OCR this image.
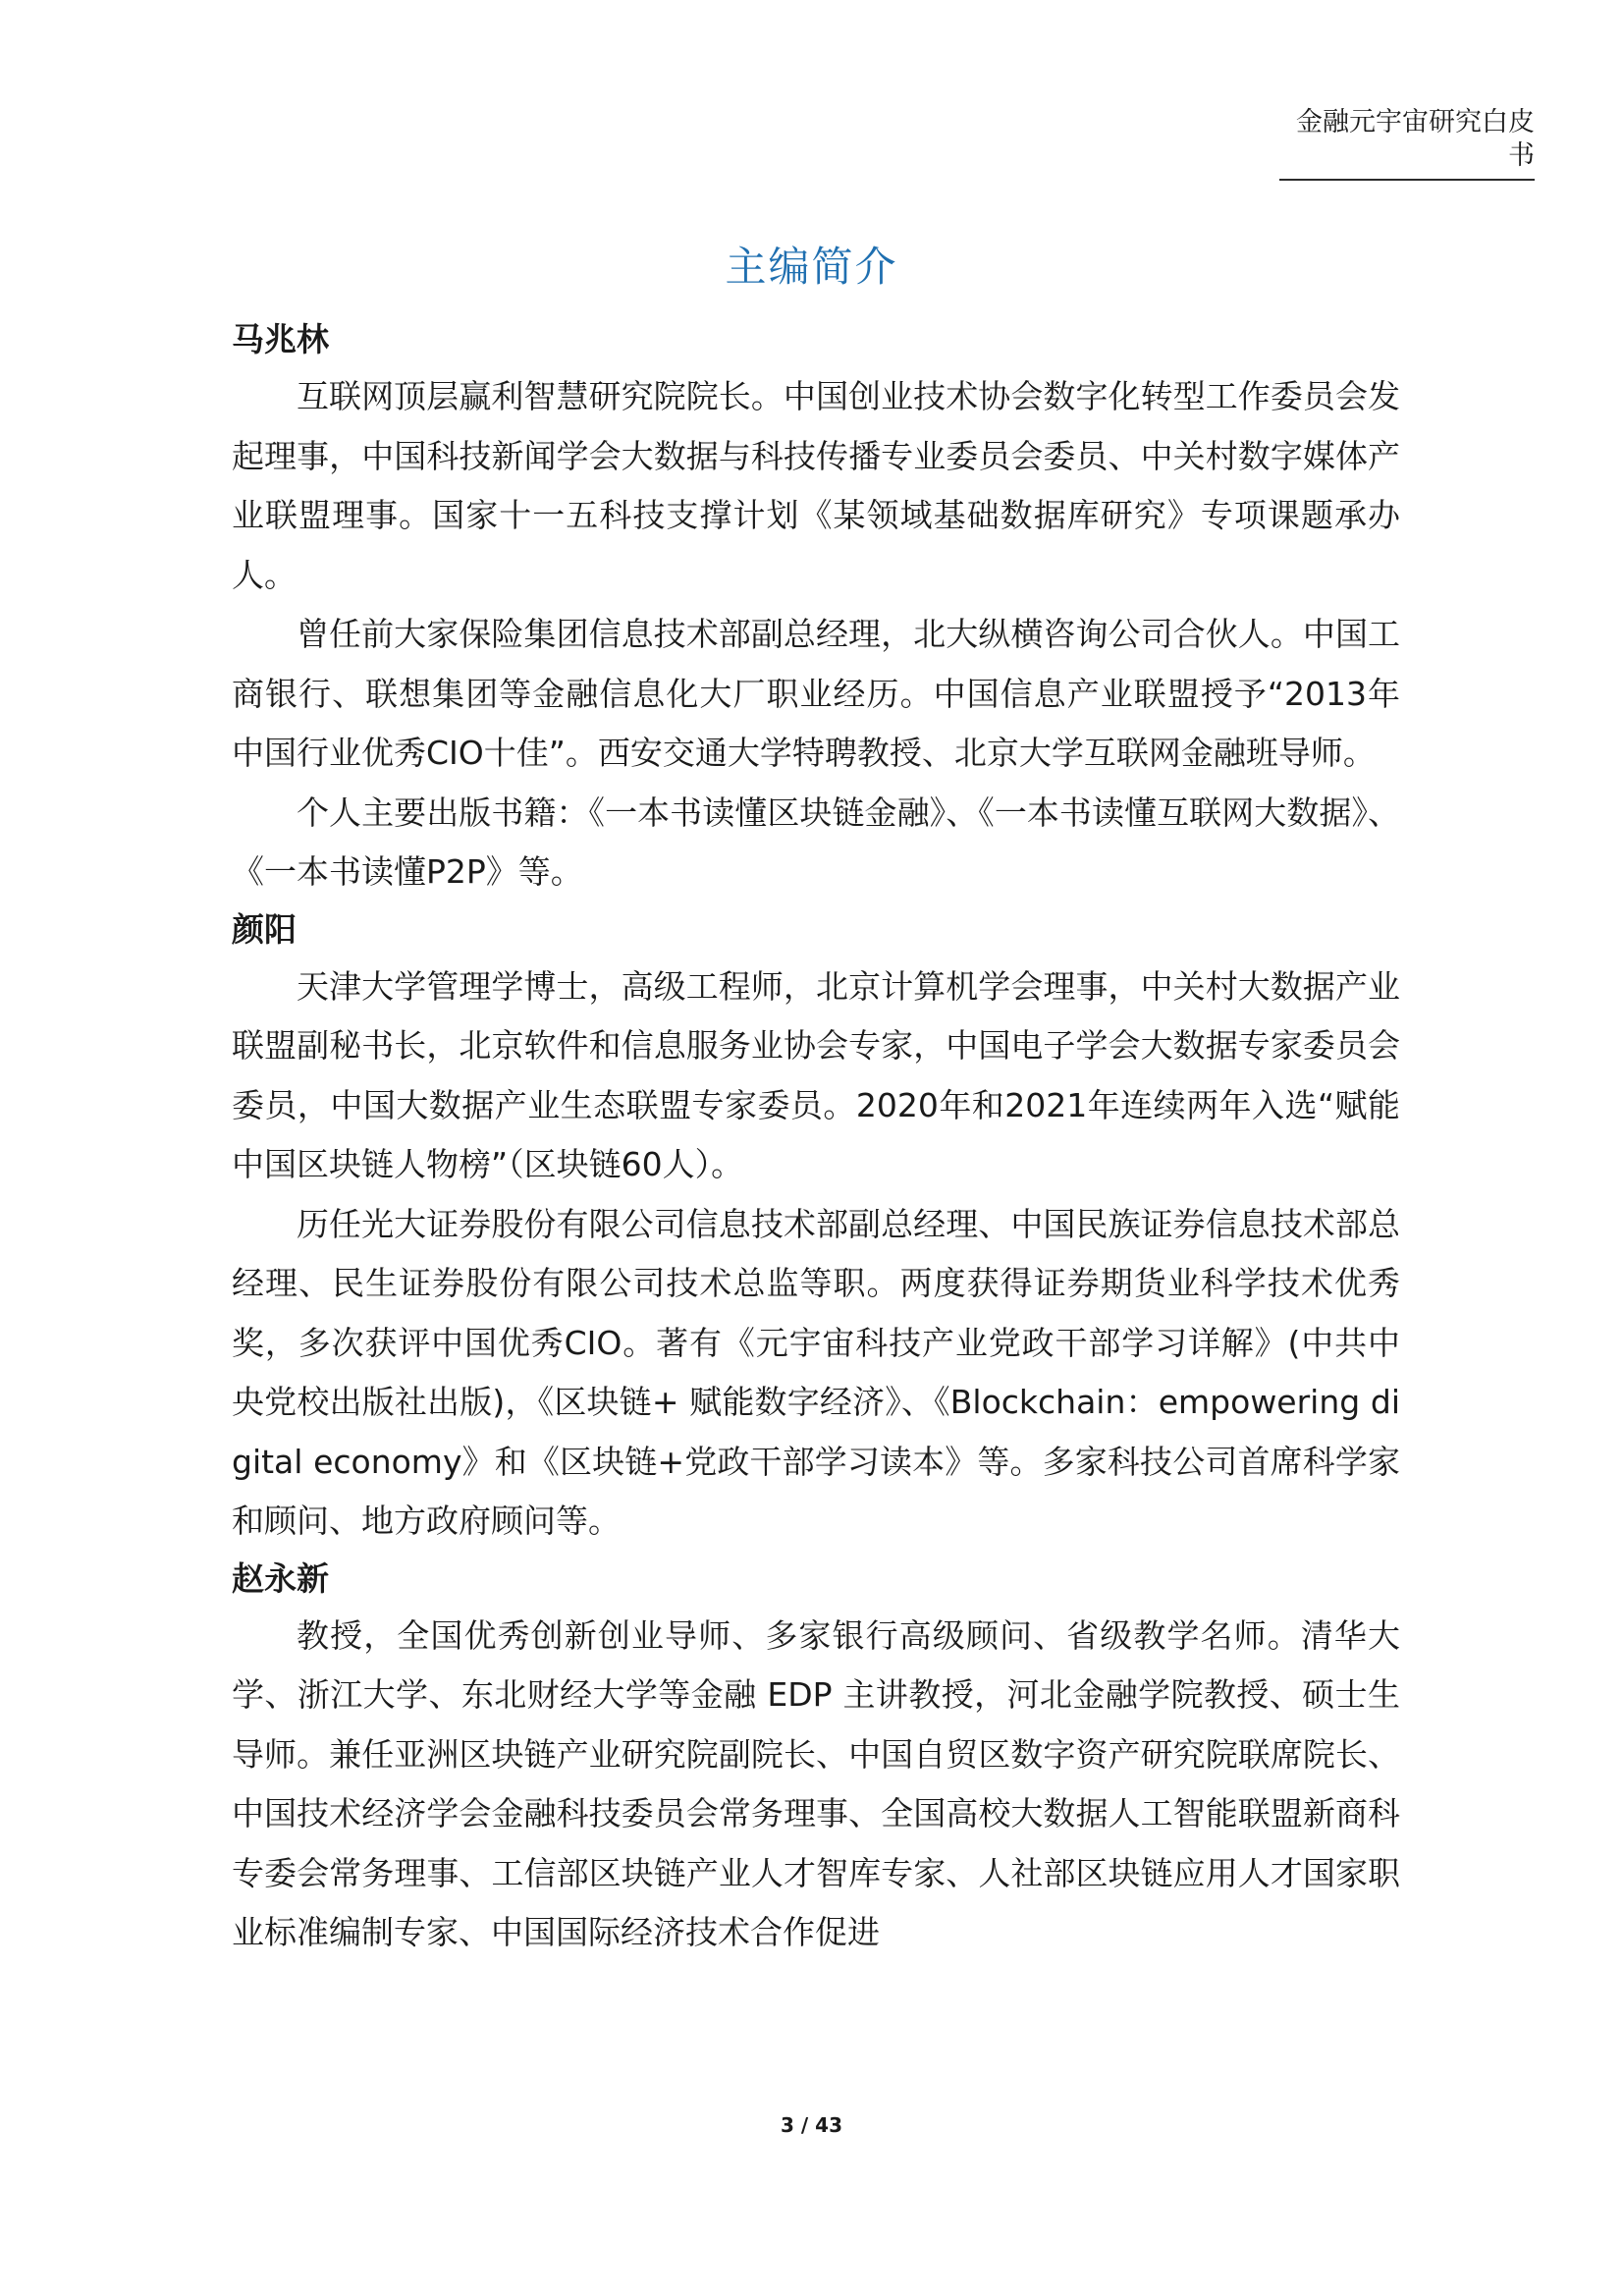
金融元宇宙研究白皮书
主编简介

马兆林

互联网顶层赢利智慧研究院院长。中国创业技术协会数字化转型工作委员会发起理事，中国科技新闻学会大数据与科技传播专业委员会委员、中关村数字媒体产业联盟理事。国家十一五科技支撑计划《某领域基础数据库研究》专项课题承办人。

曾任前大家保险集团信息技术部副总经理，北大纵横咨询公司合伙人。中国工商银行、联想集团等金融信息化大厂职业经历。中国信息产业联盟授予“2013年中国行业优秀CIO十佳”。西安交通大学特聘教授、北京大学互联网金融班导师。

个人主要出版书籍：《一本书读懂区块链金融》、《一本书读懂互联网大数据》、《一本书读懂P2P》等。

颜阳

天津大学管理学博士，高级工程师，北京计算机学会理事，中关村大数据产业联盟副秘书长，北京软件和信息服务业协会专家，中国电子学会大数据专家委员会委员，中国大数据产业生态联盟专家委员。2020年和2021年连续两年入选“赋能中国区块链人物榜”（区块链60人）。

历任光大证券股份有限公司信息技术部副总经理、中国民族证券信息技术部总经理、民生证券股份有限公司技术总监等职。两度获得证券期货业科学技术优秀奖，多次获评中国优秀CIO。著有《元宇宙科技产业党政干部学习详解》(中共中央党校出版社出版)，《区块链+ 赋能数字经济》、《Blockchain：empowering digital economy》和《区块链+党政干部学习读本》等。多家科技公司首席科学家和顾问、地方政府顾问等。

赵永新

教授，全国优秀创新创业导师、多家银行高级顾问、省级教学名师。清华大学、浙江大学、东北财经大学等金融 EDP 主讲教授，河北金融学院教授、硕士生导师。兼任亚洲区块链产业研究院副院长、中国自贸区数字资产研究院联席院长、中国技术经济学会金融科技委员会常务理事、全国高校大数据人工智能联盟新商科专委会常务理事、工信部区块链产业人才智库专家、人社部区块链应用人才国家职业标准编制专家、中国国际经济技术合作促进

3 / 43
